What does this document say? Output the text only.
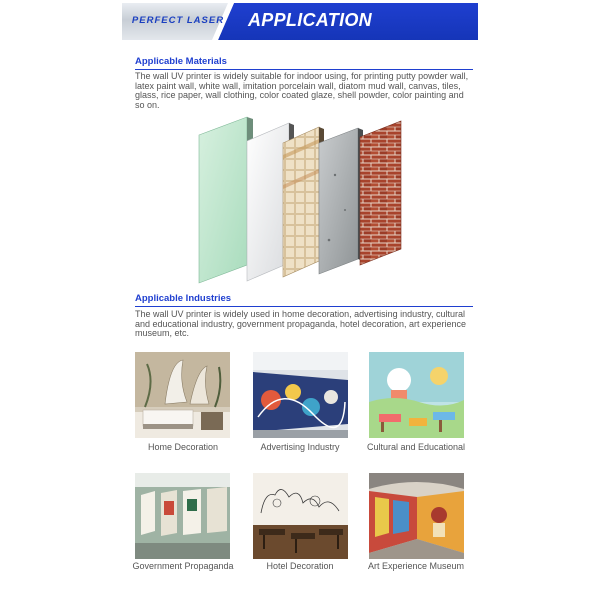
PERFECT LASER	APPLICATION
Applicable Materials
The wall UV printer is widely suitable for indoor using, for printing putty powder wall, latex paint wall, white wall, imitation porcelain wall, diatom mud wall, canvas, tiles, glass, rice paper, wall clothing, color coated glaze, shell powder, color painting and so on.
Applicable Industries
The wall UV printer is widely used in home decoration, advertising industry, cultural and educational industry, government propaganda, hotel decoration, art experience museum, etc.
Home Decoration	Advertising Industry	Cultural and Educational
Government Propaganda	Hotel Decoration	Art Experience Museum
